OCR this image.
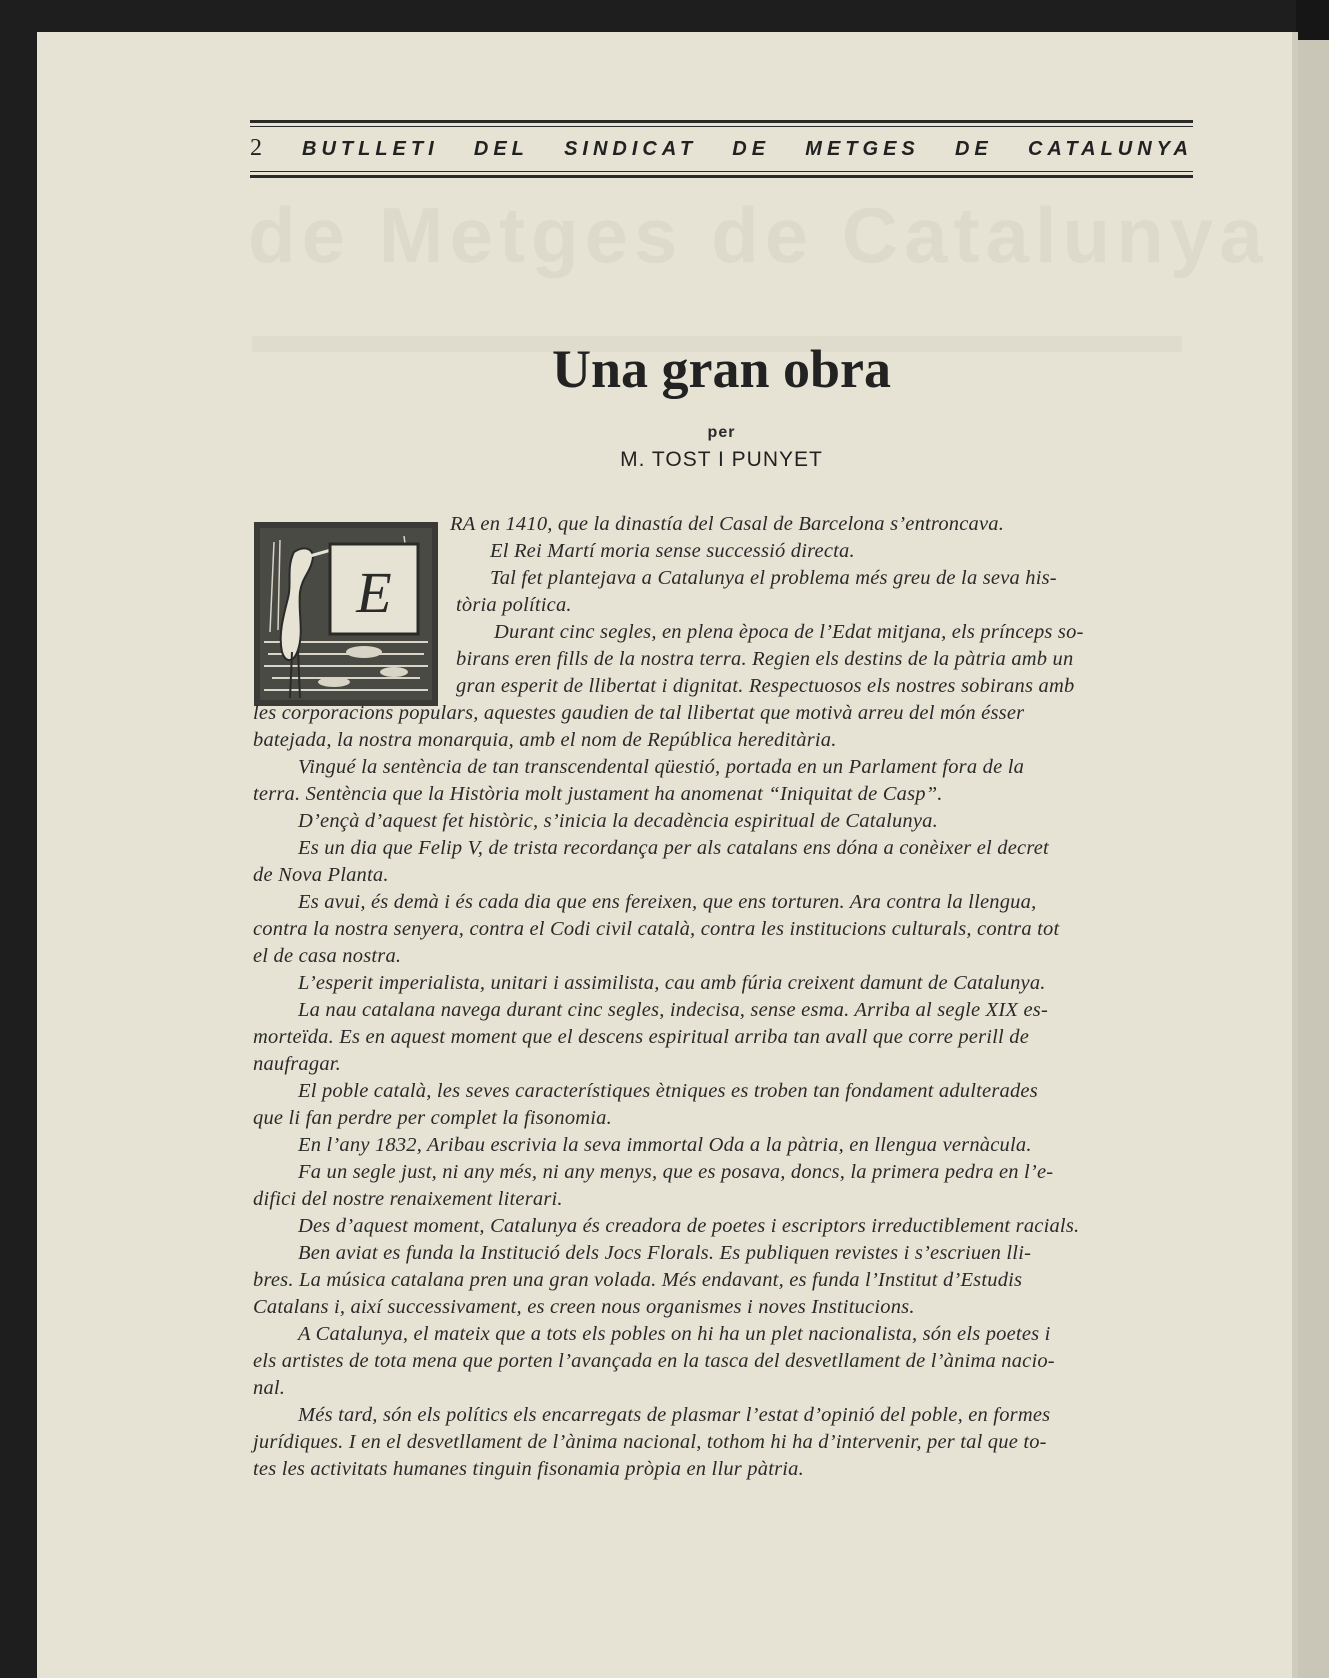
de Metges de Catalunya
2	BUTLLETI DEL SINDICAT DE METGES DE CATALUNYA
Una gran obra
per
M. TOST I PUNYET
E
RA en 1410, que la dinastía del Casal de Barcelona s’entroncava.
El Rei Martí moria sense successió directa.
Tal fet plantejava a Catalunya el problema més greu de la seva his-
tòria política.
Durant cinc segles, en plena època de l’Edat mitjana, els prínceps so-
birans eren fills de la nostra terra. Regien els destins de la pàtria amb un
gran esperit de llibertat i dignitat. Respectuosos els nostres sobirans amb
les corporacions populars, aquestes gaudien de tal llibertat que motivà arreu del món ésser
batejada, la nostra monarquia, amb el nom de República hereditària.
Vingué la sentència de tan transcendental qüestió, portada en un Parlament fora de la
terra. Sentència que la Història molt justament ha anomenat “Iniquitat de Casp”.
D’ençà d’aquest fet històric, s’inicia la decadència espiritual de Catalunya.
Es un dia que Felip V, de trista recordança per als catalans ens dóna a conèixer el decret
de Nova Planta.
Es avui, és demà i és cada dia que ens fereixen, que ens torturen. Ara contra la llengua,
contra la nostra senyera, contra el Codi civil català, contra les institucions culturals, contra tot
el de casa nostra.
L’esperit imperialista, unitari i assimilista, cau amb fúria creixent damunt de Catalunya.
La nau catalana navega durant cinc segles, indecisa, sense esma. Arriba al segle XIX es-
morteïda. Es en aquest moment que el descens espiritual arriba tan avall que corre perill de
naufragar.
El poble català, les seves característiques ètniques es troben tan fondament adulterades
que li fan perdre per complet la fisonomia.
En l’any 1832, Aribau escrivia la seva immortal Oda a la pàtria, en llengua vernàcula.
Fa un segle just, ni any més, ni any menys, que es posava, doncs, la primera pedra en l’e-
difici del nostre renaixement literari.
Des d’aquest moment, Catalunya és creadora de poetes i escriptors irreductiblement racials.
Ben aviat es funda la Institució dels Jocs Florals. Es publiquen revistes i s’escriuen lli-
bres. La música catalana pren una gran volada. Més endavant, es funda l’Institut d’Estudis
Catalans i, així successivament, es creen nous organismes i noves Institucions.
A Catalunya, el mateix que a tots els pobles on hi ha un plet nacionalista, són els poetes i
els artistes de tota mena que porten l’avançada en la tasca del desvetllament de l’ànima nacio-
nal.
Més tard, són els polítics els encarregats de plasmar l’estat d’opinió del poble, en formes
jurídiques. I en el desvetllament de l’ànima nacional, tothom hi ha d’intervenir, per tal que to-
tes les activitats humanes tinguin fisonamia pròpia en llur pàtria.
